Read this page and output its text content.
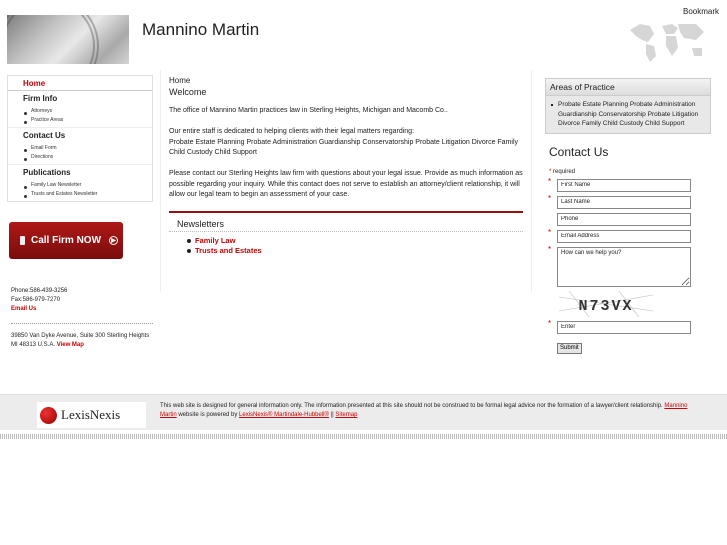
Bookmark
Mannino Martin
Home
Firm Info
Attorneys
Practice Areas
Contact Us
Email Form
Directions
Publications
Family Law Newsletter
Trusts and Estates Newsletter
Call Firm NOW	▶
Phone:586-439-3256
Fax:586-979-7270
Email Us
39850 Van Dyke Avenue, Suite 300 Sterling Heights MI 48313 U.S.A. View Map
Home
Welcome

The office of Mannino Martin practices law in Sterling Heights, Michigan and Macomb Co..

Our entire staff is dedicated to helping clients with their legal matters regarding:
Probate Estate Planning Probate Administration Guardianship Conservatorship Probate Litigation Divorce Family Child Custody Child Support

Please contact our Sterling Heights law firm with questions about your legal issue. Provide as much information as possible regarding your inquiry. While this contact does not serve to establish an attorney/client relationship, it will allow our legal team to begin an assessment of your case.

Newsletters
Family Law
Trusts and Estates
Areas of Practice
Probate Estate Planning Probate Administration Guardianship Conservatorship Probate Litigation Divorce Family Child Custody Child Support
Contact Us
* required
*
First Name
*
Last Name
Phone
*
Email Address
*
How can we help you?
N73VX
*
Enter
Submit
LexisNexis
This web site is designed for general information only. The information presented at this site should not be construed to be formal legal advice nor the formation of a lawyer/client relationship. Mannino Martin website is powered by LexisNexis® Martindale-Hubbell® || Sitemap
